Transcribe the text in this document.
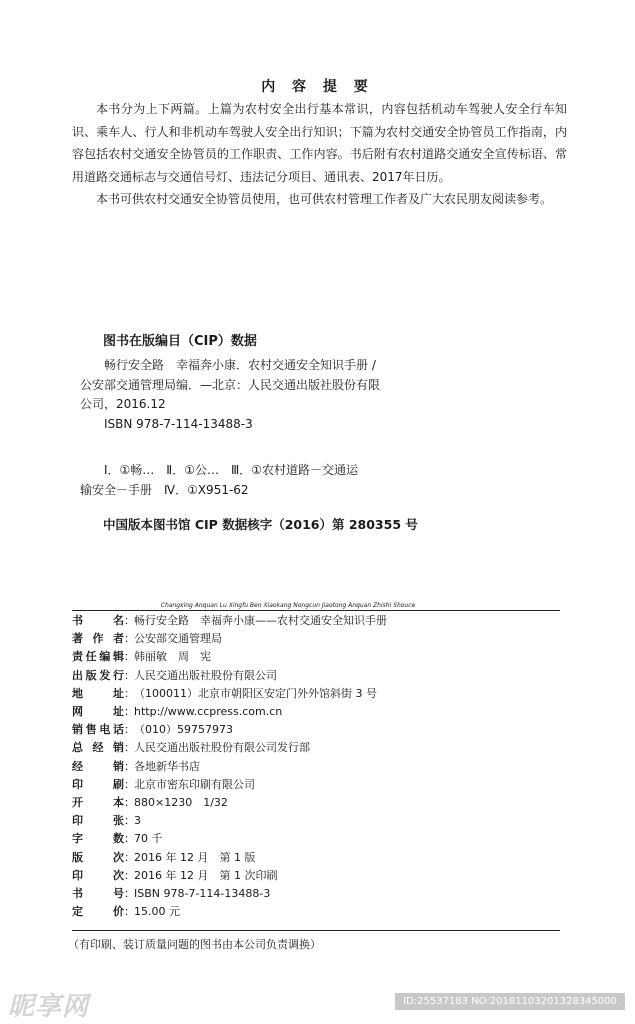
内 容 提 要

本书分为上下两篇。上篇为农村安全出行基本常识，内容包括机动车驾驶人安全行车知识、乘车人、行人和非机动车驾驶人安全出行知识；下篇为农村交通安全协管员工作指南，内容包括农村交通安全协管员的工作职责、工作内容。书后附有农村道路交通安全宣传标语、常用道路交通标志与交通信号灯、违法记分项目、通讯表、2017年日历。

本书可供农村交通安全协管员使用，也可供农村管理工作者及广大农民朋友阅读参考。

图书在版编目（CIP）数据
畅行安全路　幸福奔小康．农村交通安全知识手册 /
公安部交通管理局编．—北京：人民交通出版社股份有限
公司，2016.12
ISBN 978-7-114-13488-3
Ⅰ．①畅…　Ⅱ．①公…　Ⅲ．①农村道路－交通运
输安全－手册　Ⅳ．①X951-62
中国版本图书馆 CIP 数据核字（2016）第 280355 号
Changxing Anquan Lu Xingfu Ben Xiaokang Nongcun Jiaotong Anquan Zhishi Shouce
书　　名 ： 畅行安全路　幸福奔小康——农村交通安全知识手册
著 作 者 ： 公安部交通管理局
责任编辑 ： 韩丽敏　周　宪
出版发行 ： 人民交通出版社股份有限公司
地　　址 ： （100011）北京市朝阳区安定门外外馆斜街 3 号
网　　址 ： http://www.ccpress.com.cn
销售电话 ： （010）59757973
总 经 销 ： 人民交通出版社股份有限公司发行部
经　　销 ： 各地新华书店
印　　刷 ： 北京市密东印刷有限公司
开　　本 ： 880×1230　1/32
印　　张 ： 3
字　　数 ： 70 千
版　　次 ： 2016 年 12 月　第 1 版
印　　次 ： 2016 年 12 月　第 1 次印刷
书　　号 ： ISBN 978-7-114-13488-3
定　　价 ： 15.00 元
（有印刷、装订质量问题的图书由本公司负责调换）
昵享网	ID:25537183 NO:20181103201328345000
